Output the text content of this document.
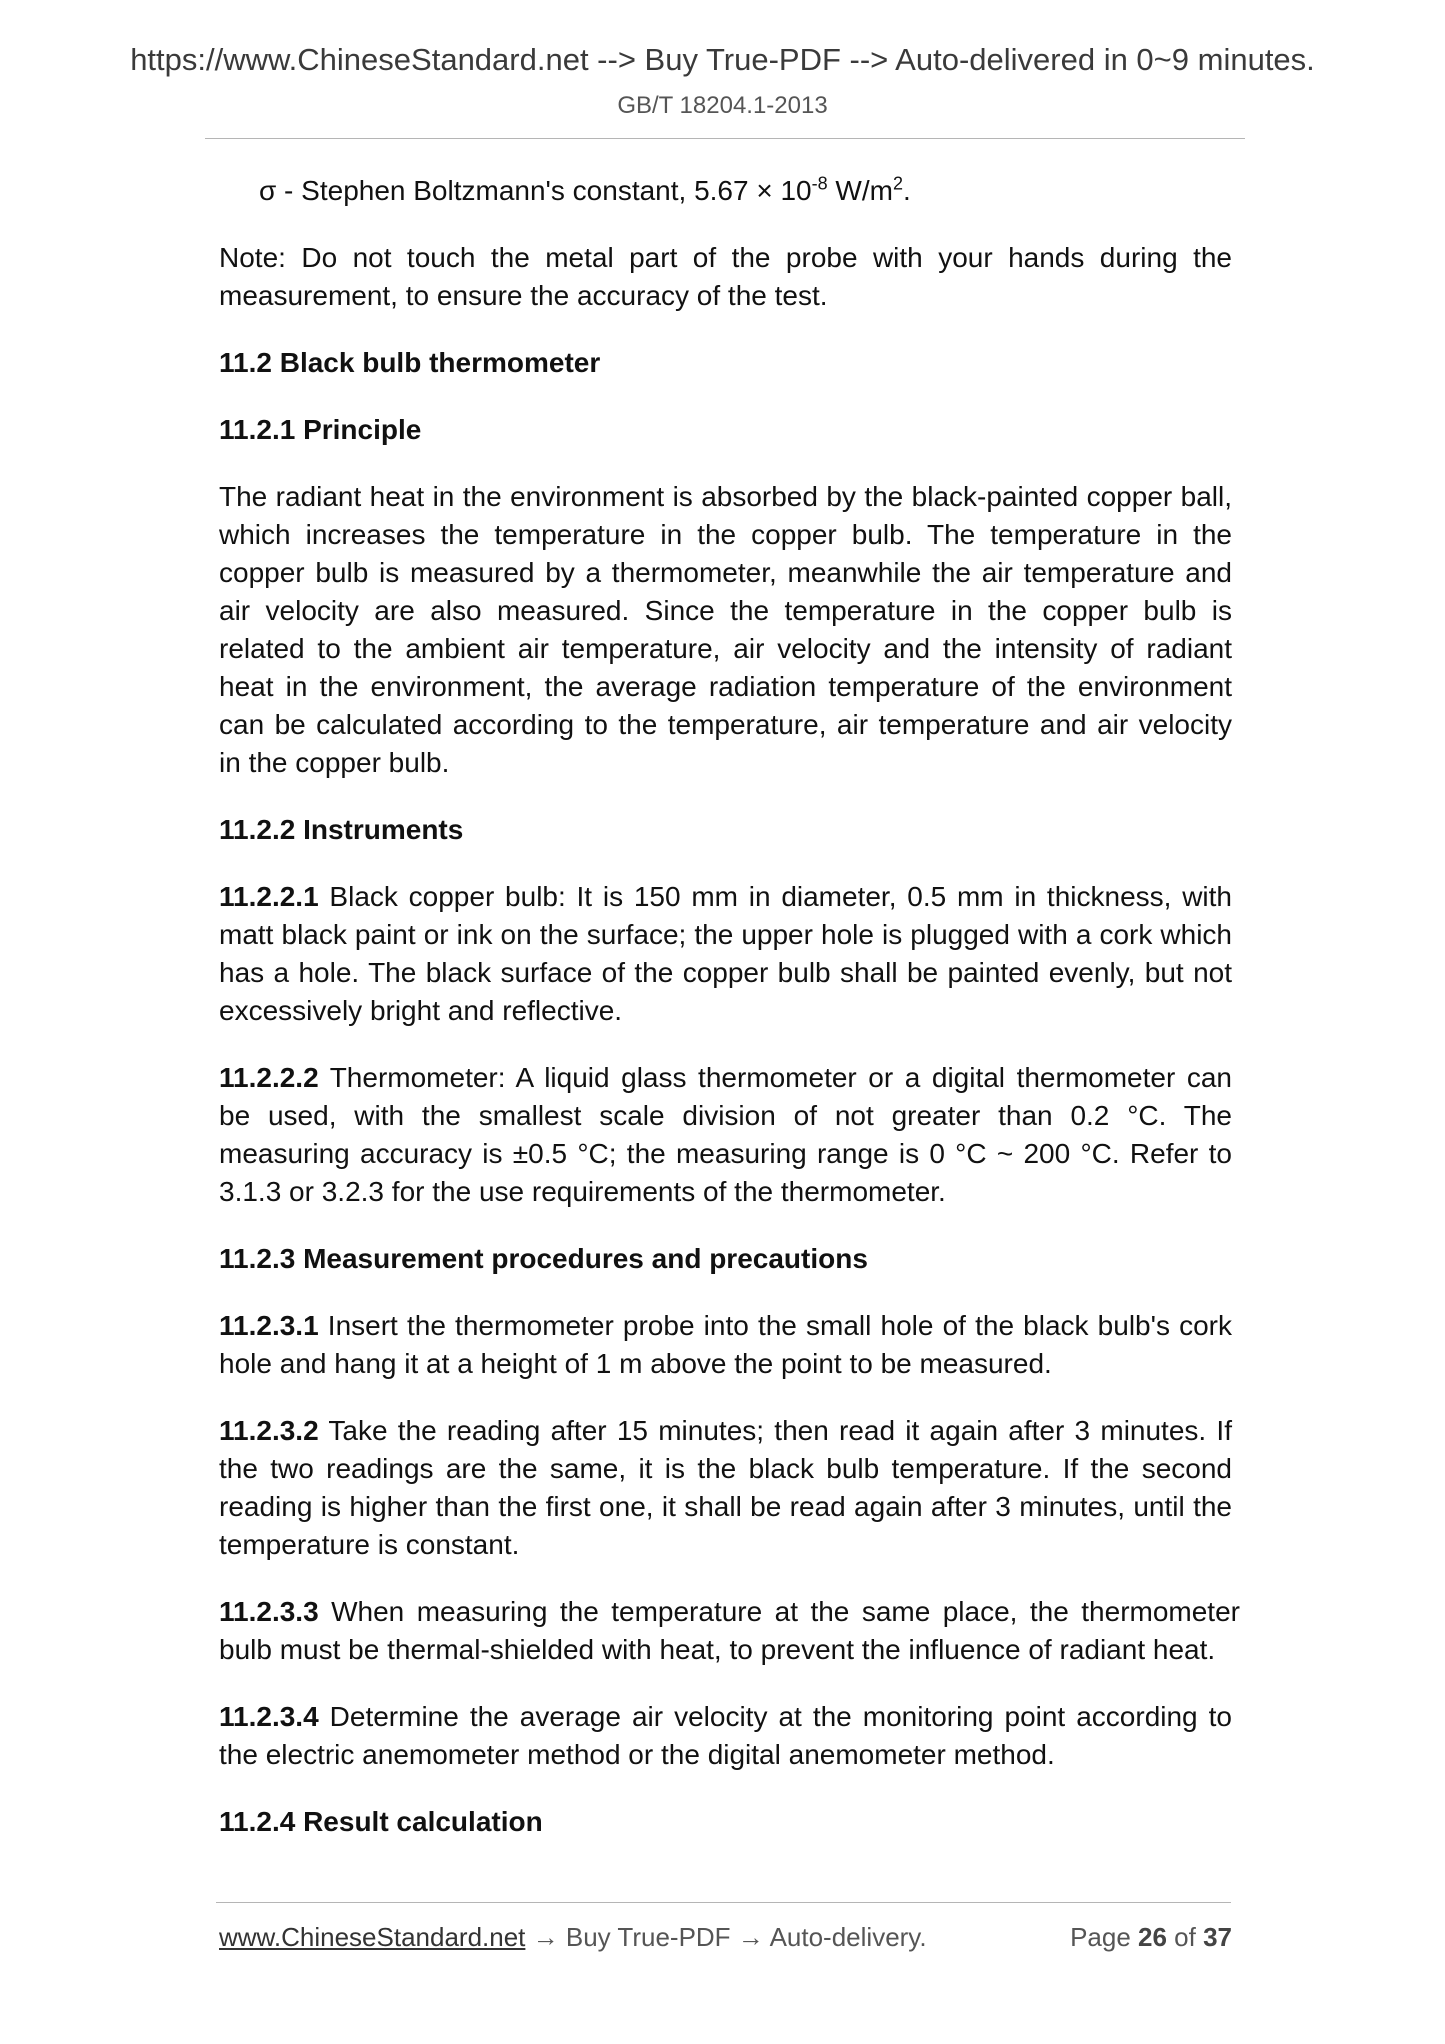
https://www.ChineseStandard.net --> Buy True-PDF --> Auto-delivered in 0~9 minutes.
GB/T 18204.1-2013

σ - Stephen Boltzmann's constant, $5.67 \times 10^{-8}$ $W/m^2$.

Note: Do not touch the metal part of the probe with your hands during the measurement, to ensure the accuracy of the test.

11.2 Black bulb thermometer

11.2.1 Principle

The radiant heat in the environment is absorbed by the black-painted copper ball, which increases the temperature in the copper bulb. The temperature in the copper bulb is measured by a thermometer, meanwhile the air temperature and air velocity are also measured. Since the temperature in the copper bulb is related to the ambient air temperature, air velocity and the intensity of radiant heat in the environment, the average radiation temperature of the environment can be calculated according to the temperature, air temperature and air velocity in the copper bulb.

11.2.2 Instruments

11.2.2.1 Black copper bulb: It is 150 mm in diameter, 0.5 mm in thickness, with matt black paint or ink on the surface; the upper hole is plugged with a cork which has a hole. The black surface of the copper bulb shall be painted evenly, but not excessively bright and reflective.

11.2.2.2 Thermometer: A liquid glass thermometer or a digital thermometer can be used, with the smallest scale division of not greater than 0.2 °C. The measuring accuracy is ±0.5 °C; the measuring range is 0 °C ~ 200 °C. Refer to 3.1.3 or 3.2.3 for the use requirements of the thermometer.

11.2.3 Measurement procedures and precautions

11.2.3.1 Insert the thermometer probe into the small hole of the black bulb's cork hole and hang it at a height of 1 m above the point to be measured.

11.2.3.2 Take the reading after 15 minutes; then read it again after 3 minutes. If the two readings are the same, it is the black bulb temperature. If the second reading is higher than the first one, it shall be read again after 3 minutes, until the temperature is constant.

11.2.3.3 When measuring the temperature at the same place, the thermometer bulb must be thermal-shielded with heat, to prevent the influence of radiant heat.

11.2.3.4 Determine the average air velocity at the monitoring point according to the electric anemometer method or the digital anemometer method.

11.2.4 Result calculation

www.ChineseStandard.net → Buy True-PDF → Auto-delivery.	Page 26 of 37
